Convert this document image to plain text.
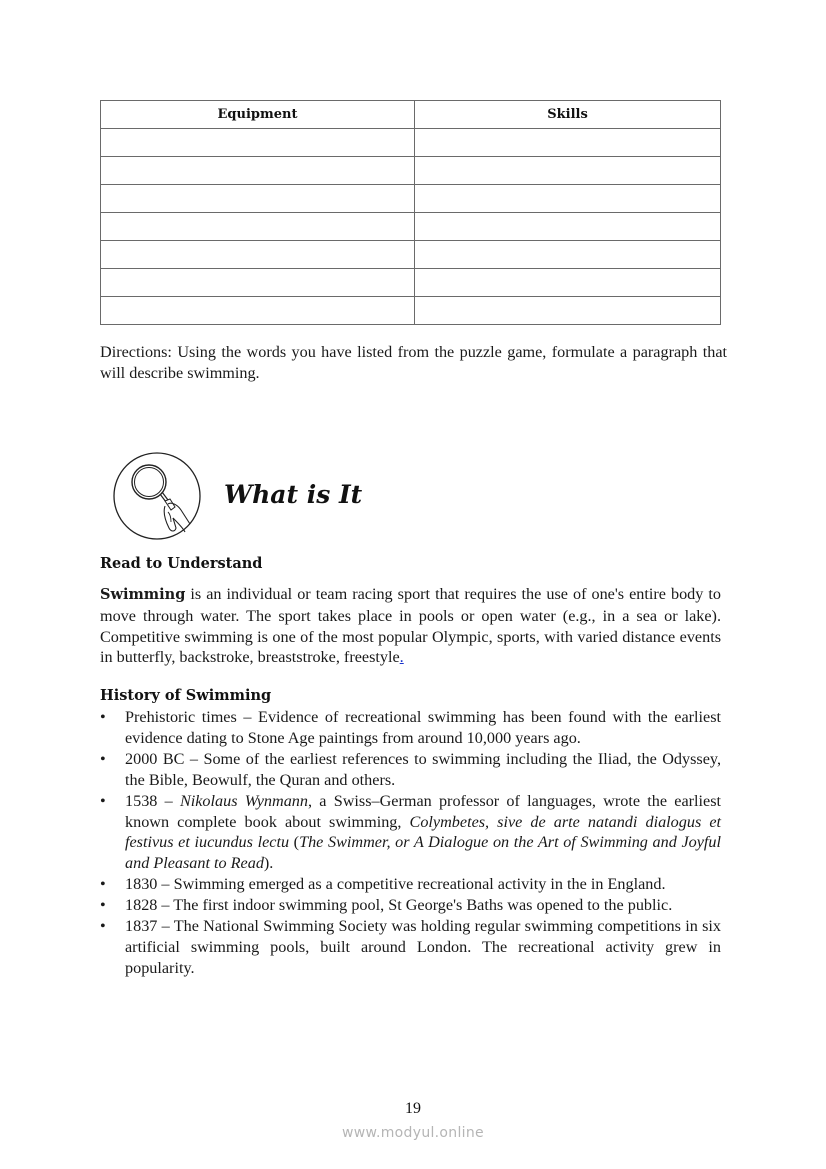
Equipment	Skills

Directions: Using the words you have listed from the puzzle game, formulate a paragraph that will describe swimming.

What is It
Read to Understand

Swimming is an individual or team racing sport that requires the use of one's entire body to move through water. The sport takes place in pools or open water (e.g., in a sea or lake). Competitive swimming is one of the most popular Olympic, sports, with varied distance events in butterfly, backstroke, breaststroke, freestyle.

History of Swimming
• Prehistoric times – Evidence of recreational swimming has been found with the earliest evidence dating to Stone Age paintings from around 10,000 years ago.
• 2000 BC – Some of the earliest references to swimming including the Iliad, the Odyssey, the Bible, Beowulf, the Quran and others.
• 1538 – Nikolaus Wynmann, a Swiss–German professor of languages, wrote the earliest known complete book about swimming, Colymbetes, sive de arte natandi dialogus et festivus et iucundus lectu (The Swimmer, or A Dialogue on the Art of Swimming and Joyful and Pleasant to Read).
• 1830 – Swimming emerged as a competitive recreational activity in the in England.
• 1828 – The first indoor swimming pool, St George's Baths was opened to the public.
• 1837 – The National Swimming Society was holding regular swimming competitions in six artificial swimming pools, built around London. The recreational activity grew in popularity.
19
www.modyul.online
